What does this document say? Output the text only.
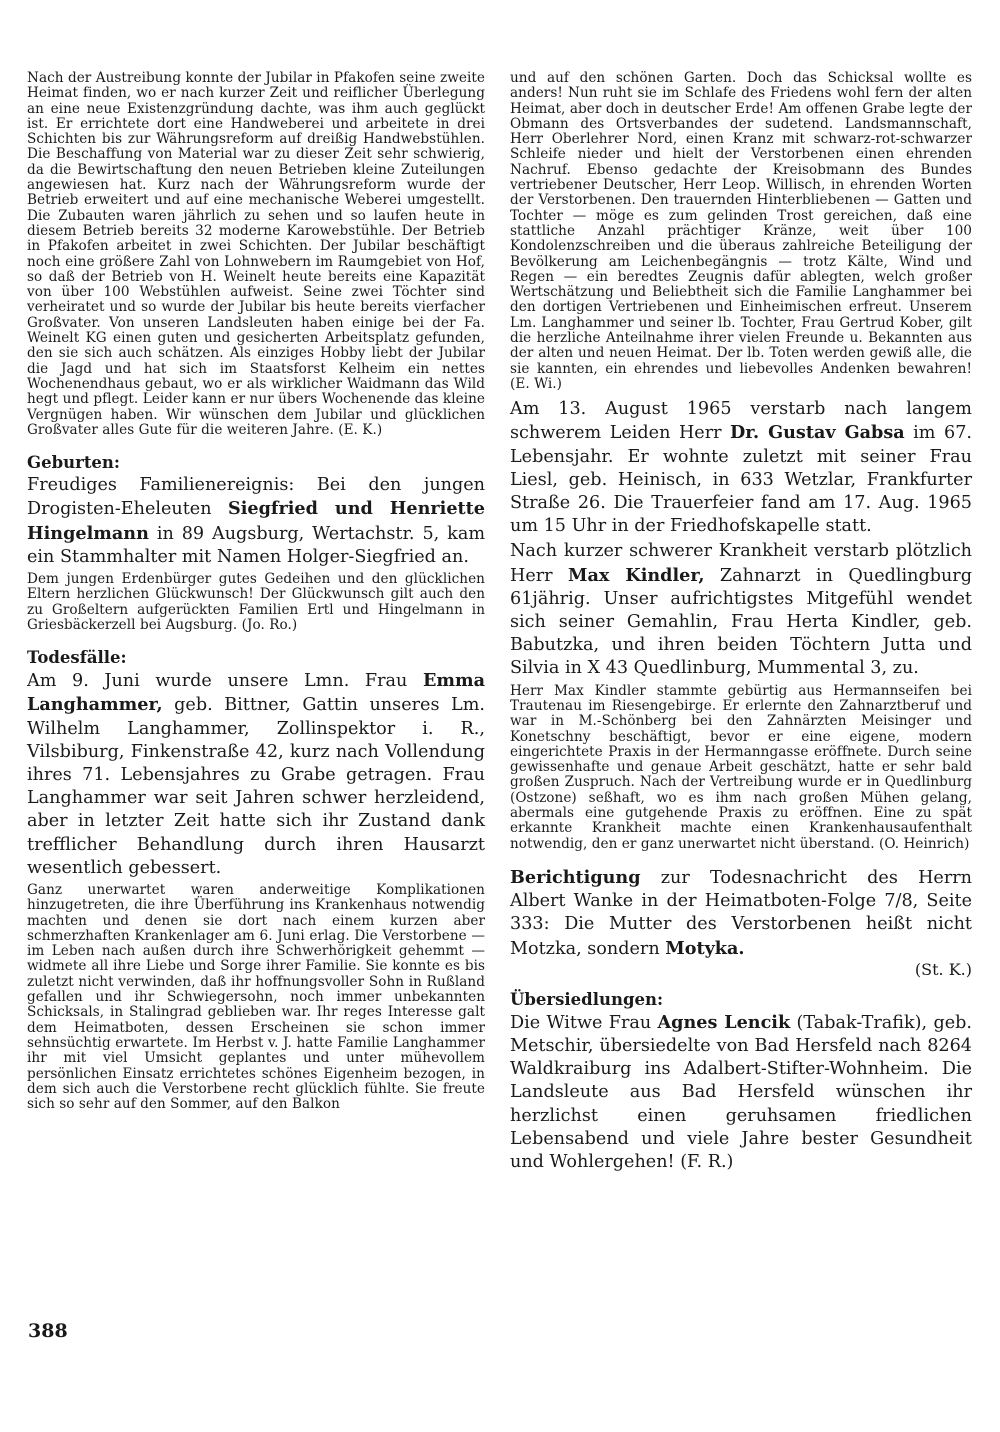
Nach der Austreibung konnte der Jubilar in Pfakofen seine zweite Heimat finden, wo er nach kurzer Zeit und reiflicher Überlegung an eine neue Existenzgründung dachte, was ihm auch geglückt ist. Er errichtete dort eine Handweberei und arbeitete in drei Schichten bis zur Währungsreform auf dreißig Handwebstühlen. Die Beschaffung von Material war zu dieser Zeit sehr schwierig, da die Bewirtschaftung den neuen Betrieben kleine Zuteilungen angewiesen hat. Kurz nach der Währungsreform wurde der Betrieb erweitert und auf eine mechanische Weberei umgestellt. Die Zubauten waren jährlich zu sehen und so laufen heute in diesem Betrieb bereits 32 moderne Karowebstühle. Der Betrieb in Pfakofen arbeitet in zwei Schichten. Der Jubilar beschäftigt noch eine größere Zahl von Lohnwebern im Raumgebiet von Hof, so daß der Betrieb von H. Weinelt heute bereits eine Kapazität von über 100 Webstühlen aufweist. Seine zwei Töchter sind verheiratet und so wurde der Jubilar bis heute bereits vierfacher Großvater. Von unseren Landsleuten haben einige bei der Fa. Weinelt KG einen guten und gesicherten Arbeitsplatz gefunden, den sie sich auch schätzen. Als einziges Hobby liebt der Jubilar die Jagd und hat sich im Staatsforst Kelheim ein nettes Wochenendhaus gebaut, wo er als wirklicher Waidmann das Wild hegt und pflegt. Leider kann er nur übers Wochenende das kleine Vergnügen haben. Wir wünschen dem Jubilar und glücklichen Großvater alles Gute für die weiteren Jahre. (E. K.)

Geburten:

Freudiges Familienereignis: Bei den jungen Drogisten-Eheleuten Siegfried und Henriette Hingelmann in 89 Augsburg, Wertachstr. 5, kam ein Stammhalter mit Namen Holger-Siegfried an.

Dem jungen Erdenbürger gutes Gedeihen und den glücklichen Eltern herzlichen Glückwunsch! Der Glückwunsch gilt auch den zu Großeltern aufgerückten Familien Ertl und Hingelmann in Griesbäckerzell bei Augsburg. (Jo. Ro.)

Todesfälle:

Am 9. Juni wurde unsere Lmn. Frau Emma Langhammer, geb. Bittner, Gattin unseres Lm. Wilhelm Langhammer, Zollinspektor i. R., Vilsbiburg, Finkenstraße 42, kurz nach Vollendung ihres 71. Lebensjahres zu Grabe getragen. Frau Langhammer war seit Jahren schwer herzleidend, aber in letzter Zeit hatte sich ihr Zustand dank trefflicher Behandlung durch ihren Hausarzt wesentlich gebessert.

Ganz unerwartet waren anderweitige Komplikationen hinzugetreten, die ihre Überführung ins Krankenhaus notwendig machten und denen sie dort nach einem kurzen aber schmerzhaften Krankenlager am 6. Juni erlag. Die Verstorbene — im Leben nach außen durch ihre Schwerhörigkeit gehemmt — widmete all ihre Liebe und Sorge ihrer Familie. Sie konnte es bis zuletzt nicht verwinden, daß ihr hoffnungsvoller Sohn in Rußland gefallen und ihr Schwiegersohn, noch immer unbekannten Schicksals, in Stalingrad geblieben war. Ihr reges Interesse galt dem Heimatboten, dessen Erscheinen sie schon immer sehnsüchtig erwartete. Im Herbst v. J. hatte Familie Langhammer ihr mit viel Umsicht geplantes und unter mühevollem persönlichen Einsatz errichtetes schönes Eigenheim bezogen, in dem sich auch die Verstorbene recht glücklich fühlte. Sie freute sich so sehr auf den Sommer, auf den Balkon

und auf den schönen Garten. Doch das Schicksal wollte es anders! Nun ruht sie im Schlafe des Friedens wohl fern der alten Heimat, aber doch in deutscher Erde! Am offenen Grabe legte der Obmann des Ortsverbandes der sudetend. Landsmannschaft, Herr Oberlehrer Nord, einen Kranz mit schwarz-rot-schwarzer Schleife nieder und hielt der Verstorbenen einen ehrenden Nachruf. Ebenso gedachte der Kreisobmann des Bundes vertriebener Deutscher, Herr Leop. Willisch, in ehrenden Worten der Verstorbenen. Den trauernden Hinterbliebenen — Gatten und Tochter — möge es zum gelinden Trost gereichen, daß eine stattliche Anzahl prächtiger Kränze, weit über 100 Kondolenzschreiben und die überaus zahlreiche Beteiligung der Bevölkerung am Leichenbegängnis — trotz Kälte, Wind und Regen — ein beredtes Zeugnis dafür ablegten, welch großer Wertschätzung und Beliebtheit sich die Familie Langhammer bei den dortigen Vertriebenen und Einheimischen erfreut. Unserem Lm. Langhammer und seiner lb. Tochter, Frau Gertrud Kober, gilt die herzliche Anteilnahme ihrer vielen Freunde u. Bekannten aus der alten und neuen Heimat. Der lb. Toten werden gewiß alle, die sie kannten, ein ehrendes und liebevolles Andenken bewahren! (E. Wi.)

Am 13. August 1965 verstarb nach langem schwerem Leiden Herr Dr. Gustav Gabsa im 67. Lebensjahr. Er wohnte zuletzt mit seiner Frau Liesl, geb. Heinisch, in 633 Wetzlar, Frankfurter Straße 26. Die Trauerfeier fand am 17. Aug. 1965 um 15 Uhr in der Friedhofskapelle statt.

Nach kurzer schwerer Krankheit verstarb plötzlich Herr Max Kindler, Zahnarzt in Quedlingburg 61jährig. Unser aufrichtigstes Mitgefühl wendet sich seiner Gemahlin, Frau Herta Kindler, geb. Babutzka, und ihren beiden Töchtern Jutta und Silvia in X 43 Quedlinburg, Mummental 3, zu.

Herr Max Kindler stammte gebürtig aus Hermannseifen bei Trautenau im Riesengebirge. Er erlernte den Zahnarztberuf und war in M.-Schönberg bei den Zahnärzten Meisinger und Konetschny beschäftigt, bevor er eine eigene, modern eingerichtete Praxis in der Hermanngasse eröffnete. Durch seine gewissenhafte und genaue Arbeit geschätzt, hatte er sehr bald großen Zuspruch. Nach der Vertreibung wurde er in Quedlinburg (Ostzone) seßhaft, wo es ihm nach großen Mühen gelang, abermals eine gutgehende Praxis zu eröffnen. Eine zu spät erkannte Krankheit machte einen Krankenhausaufenthalt notwendig, den er ganz unerwartet nicht überstand. (O. Heinrich)

Berichtigung zur Todesnachricht des Herrn Albert Wanke in der Heimatboten-Folge 7/8, Seite 333: Die Mutter des Verstorbenen heißt nicht Motzka, sondern Motyka.

(St. K.)
Übersiedlungen:

Die Witwe Frau Agnes Lencik (Tabak-Trafik), geb. Metschir, übersiedelte von Bad Hersfeld nach 8264 Waldkraiburg ins Adalbert-Stifter-Wohnheim. Die Landsleute aus Bad Hersfeld wünschen ihr herzlichst einen geruhsamen friedlichen Lebensabend und viele Jahre bester Gesundheit und Wohlergehen! (F. R.)

388
